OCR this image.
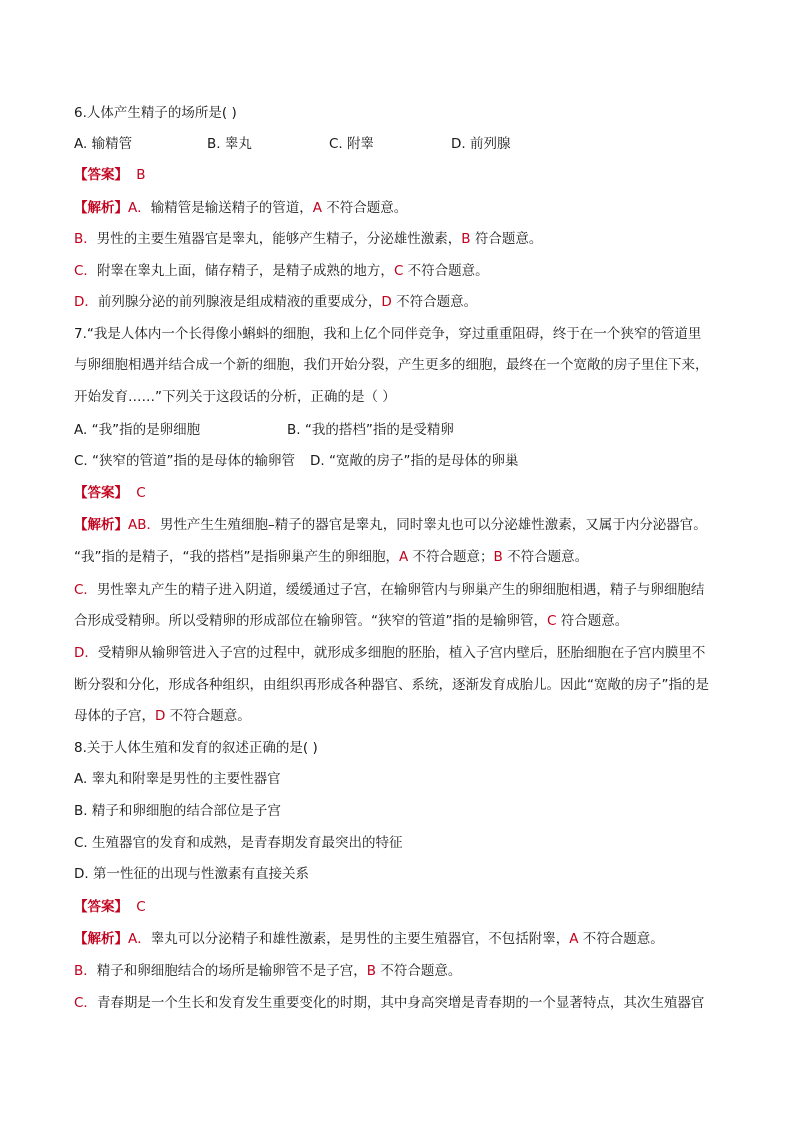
6.人体产生精子的场所是( )
A. 输精管	B. 睾丸	C. 附睾	D. 前列腺
【答案】 B
【解析】A．输精管是输送精子的管道，A 不符合题意。
B．男性的主要生殖器官是睾丸，能够产生精子，分泌雄性激素，B 符合题意。
C．附睾在睾丸上面，储存精子，是精子成熟的地方，C 不符合题意。
D．前列腺分泌的前列腺液是组成精液的重要成分，D 不符合题意。
7.“我是人体内一个长得像小蝌蚪的细胞，我和上亿个同伴竞争，穿过重重阻碍，终于在一个狭窄的管道里
与卵细胞相遇并结合成一个新的细胞，我们开始分裂，产生更多的细胞，最终在一个宽敞的房子里住下来，
开始发育……”下列关于这段话的分析，正确的是（ ）
A. “我”指的是卵细胞	B. “我的搭档”指的是受精卵
C. “狭窄的管道”指的是母体的输卵管 D. “宽敞的房子”指的是母体的卵巢
【答案】 C
【解析】AB．男性产生生殖细胞–精子的器官是睾丸，同时睾丸也可以分泌雄性激素，又属于内分泌器官。
“我”指的是精子，“我的搭档”是指卵巢产生的卵细胞，A 不符合题意；B 不符合题意。
C．男性睾丸产生的精子进入阴道，缓缓通过子宫，在输卵管内与卵巢产生的卵细胞相遇，精子与卵细胞结
合形成受精卵。所以受精卵的形成部位在输卵管。“狭窄的管道”指的是输卵管，C 符合题意。
D．受精卵从输卵管进入子宫的过程中，就形成多细胞的胚胎，植入子宫内壁后，胚胎细胞在子宫内膜里不
断分裂和分化，形成各种组织，由组织再形成各种器官、系统，逐渐发育成胎儿。因此“宽敞的房子”指的是
母体的子宫，D 不符合题意。
8.关于人体生殖和发育的叙述正确的是( )
A. 睾丸和附睾是男性的主要性器官
B. 精子和卵细胞的结合部位是子宫
C. 生殖器官的发育和成熟，是青春期发育最突出的特征
D. 第一性征的出现与性激素有直接关系
【答案】 C
【解析】A．睾丸可以分泌精子和雄性激素，是男性的主要生殖器官，不包括附睾，A 不符合题意。
B．精子和卵细胞结合的场所是输卵管不是子宫，B 不符合题意。
C．青春期是一个生长和发育发生重要变化的时期，其中身高突增是青春期的一个显著特点，其次生殖器官
